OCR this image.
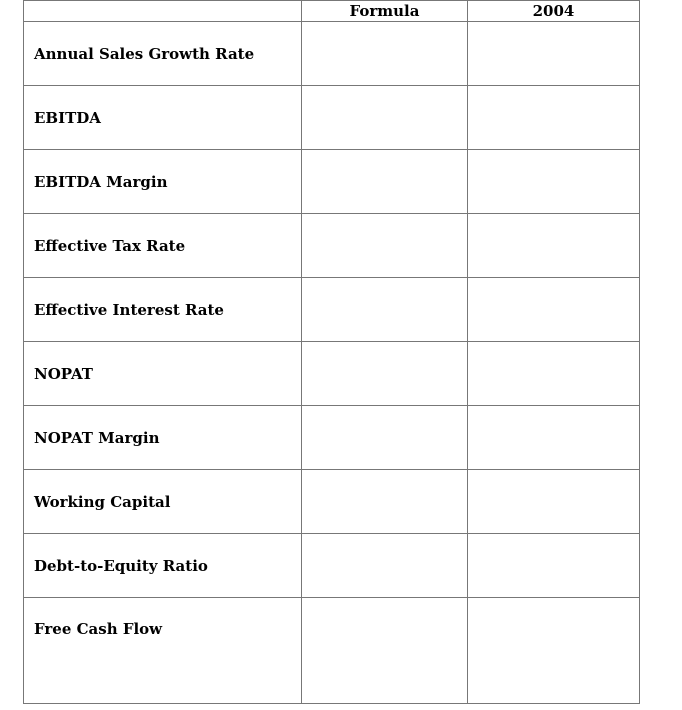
	Formula	2004
Annual Sales Growth Rate		
EBITDA		
EBITDA Margin		
Effective Tax Rate		
Effective Interest Rate		
NOPAT		
NOPAT Margin		
Working Capital		
Debt-to-Equity Ratio		
Free Cash Flow		
